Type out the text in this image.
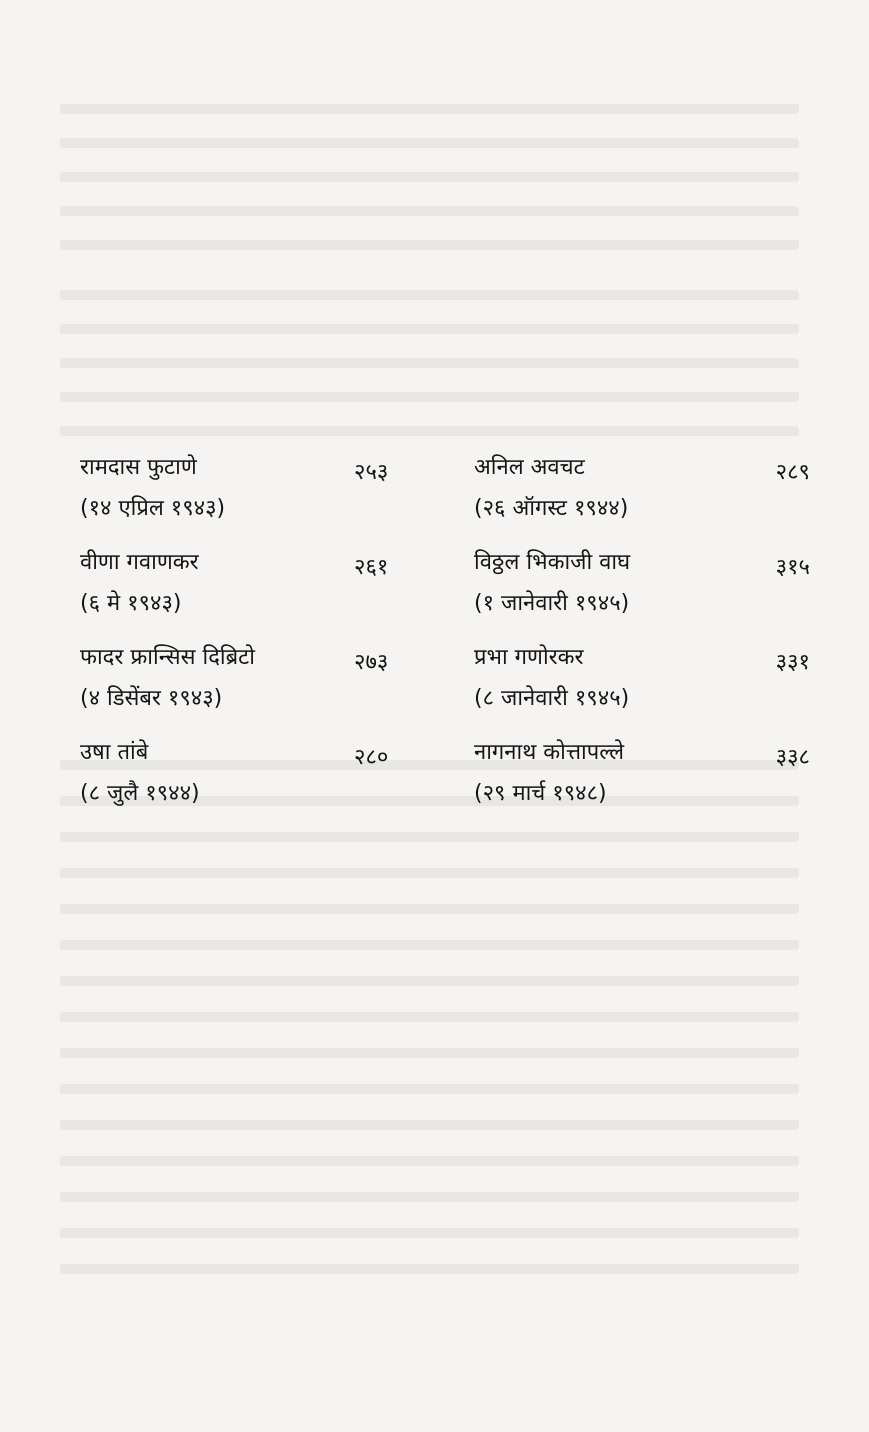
रामदास फुटाणे	२५३
(१४ एप्रिल १९४३)
अनिल अवचट	२८९
(२६ ऑगस्ट १९४४)
वीणा गवाणकर	२६१
(६ मे १९४३)
विठ्ठल भिकाजी वाघ	३१५
(१ जानेवारी १९४५)
फादर फ्रान्सिस दिब्रिटो	२७३
(४ डिसेंबर १९४३)
प्रभा गणोरकर	३३१
(८ जानेवारी १९४५)
उषा तांबे	२८०
(८ जुलै १९४४)
नागनाथ कोत्तापल्ले	३३८
(२९ मार्च १९४८)
